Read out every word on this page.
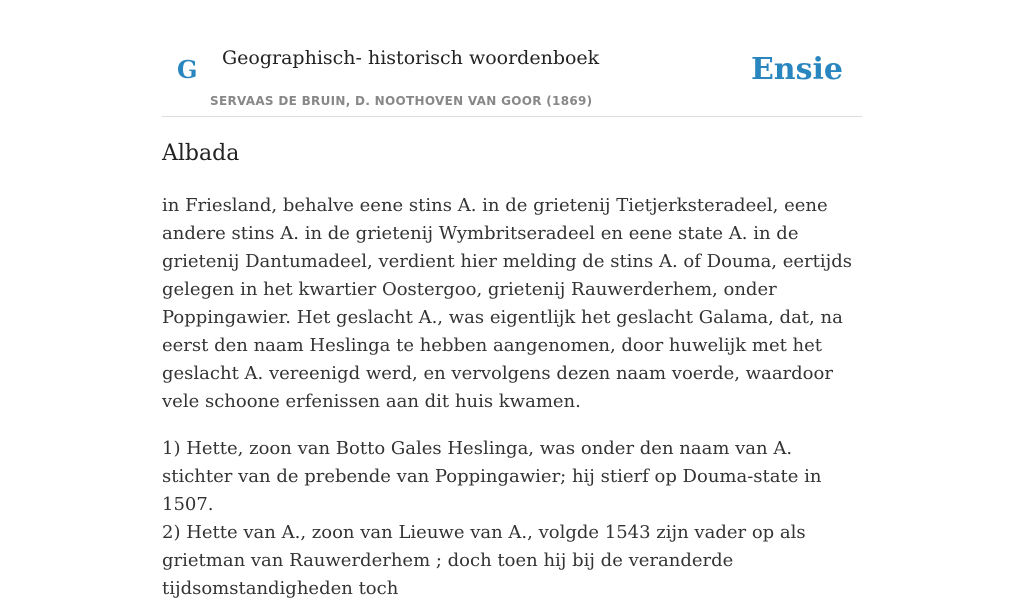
G Geographisch- historisch woordenboek
SERVAAS DE BRUIN, D. NOOTHOVEN VAN GOOR (1869)
Ensie
Albada

in Friesland, behalve eene stins A. in de grietenij Tietjerksteradeel, eene andere stins A. in de grietenij Wymbritseradeel en eene state A. in de grietenij Dantumadeel, verdient hier melding de stins A. of Douma, eertijds gelegen in het kwartier Oostergoo, grietenij Rauwerderhem, onder Poppingawier. Het geslacht A., was eigentlijk het geslacht Galama, dat, na eerst den naam Heslinga te hebben aangenomen, door huwelijk met het geslacht A. vereenigd werd, en vervolgens dezen naam voerde, waardoor vele schoone erfenissen aan dit huis kwamen.

1) Hette, zoon van Botto Gales Heslinga, was onder den naam van A. stichter van de prebende van Poppingawier; hij stierf op Douma-state in 1507.
2) Hette van A., zoon van Lieuwe van A., volgde 1543 zijn vader op als grietman van Rauwerderhem ; doch toen hij bij de veranderde tijdsomstandigheden toch
